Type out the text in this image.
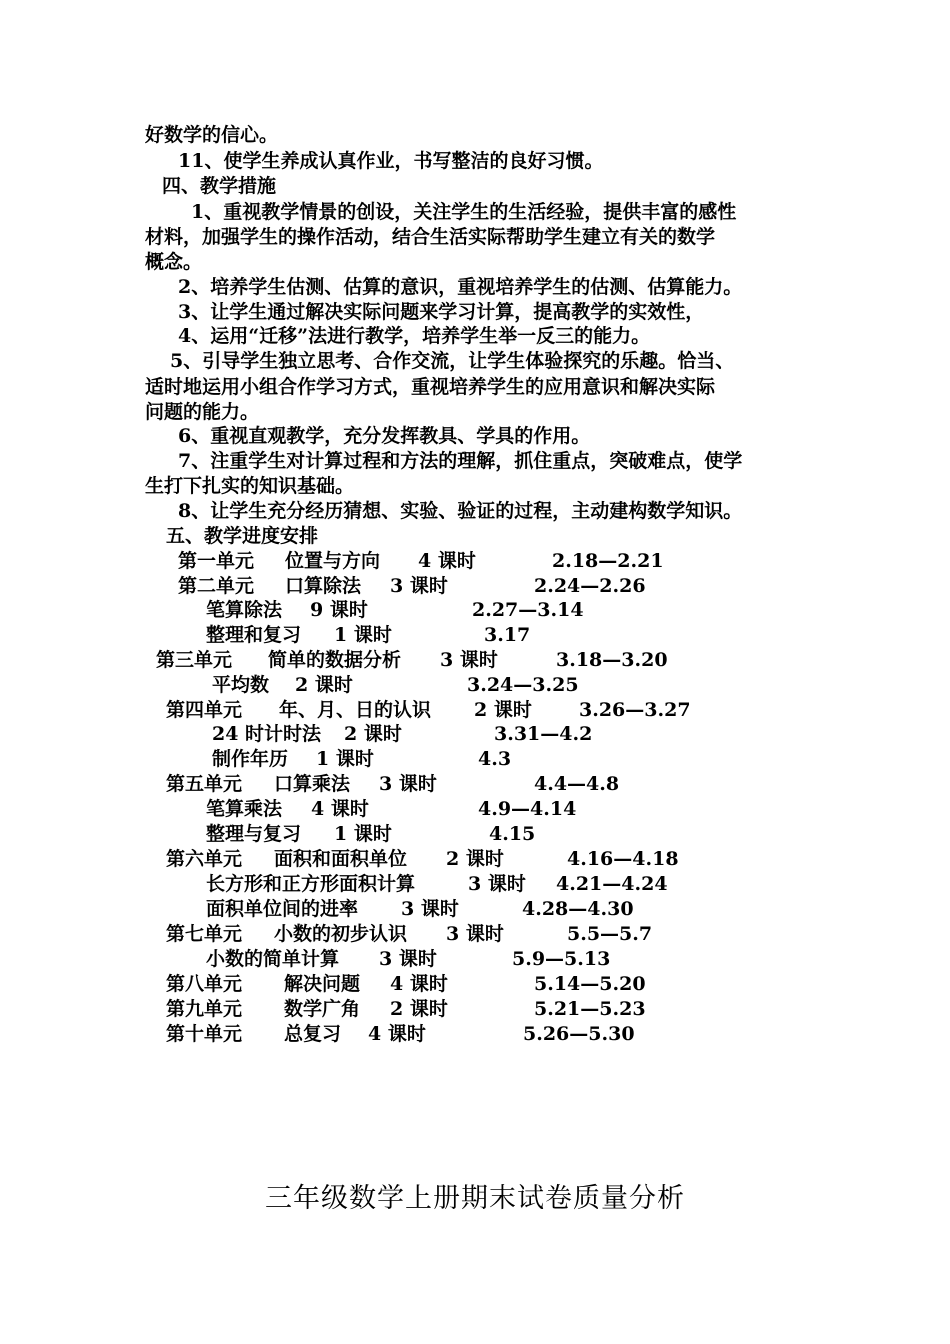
好数学的信心。
11、使学生养成认真作业，书写整洁的良好习惯。
四、教学措施
1、重视教学情景的创设，关注学生的生活经验，提供丰富的感性
材料，加强学生的操作活动，结合生活实际帮助学生建立有关的数学
概念。
2、培养学生估测、估算的意识，重视培养学生的估测、估算能力。
3、让学生通过解决实际问题来学习计算，提高教学的实效性，
4、运用“迁移”法进行教学，培养学生举一反三的能力。
5、引导学生独立思考、合作交流，让学生体验探究的乐趣。恰当、
适时地运用小组合作学习方式，重视培养学生的应用意识和解决实际
问题的能力。
6、重视直观教学，充分发挥教具、学具的作用。
7、注重学生对计算过程和方法的理解，抓住重点，突破难点，使学
生打下扎实的知识基础。
8、让学生充分经历猜想、实验、验证的过程，主动建构数学知识。
五、教学进度安排
第一单元 位置与方向 4 课时	2.18—2.21
第二单元 口算除法 3 课时	2.24—2.26
笔算除法 9 课时	2.27—3.14
整理和复习 1 课时	3.17
第三单元 简单的数据分析 3 课时	3.18—3.20
平均数 2 课时	3.24—3.25
第四单元 年、月、日的认识 2 课时 3.26—3.27
24 时计时法 2 课时	3.31—4.2
制作年历 1 课时	4.3
第五单元 口算乘法 3 课时	4.4—4.8
笔算乘法 4 课时	4.9—4.14
整理与复习 1 课时	4.15
第六单元 面积和面积单位 2 课时	4.16—4.18
长方形和正方形面积计算	3 课时 4.21—4.24
面积单位间的进率 3 课时	4.28—4.30
第七单元 小数的初步认识 3 课时	5.5—5.7
小数的简单计算 3 课时	5.9—5.13
第八单元 解决问题 4 课时	5.14—5.20
第九单元 数学广角 2 课时	5.21—5.23
第十单元 总复习 4 课时	5.26—5.30
三年级数学上册期末试卷质量分析
